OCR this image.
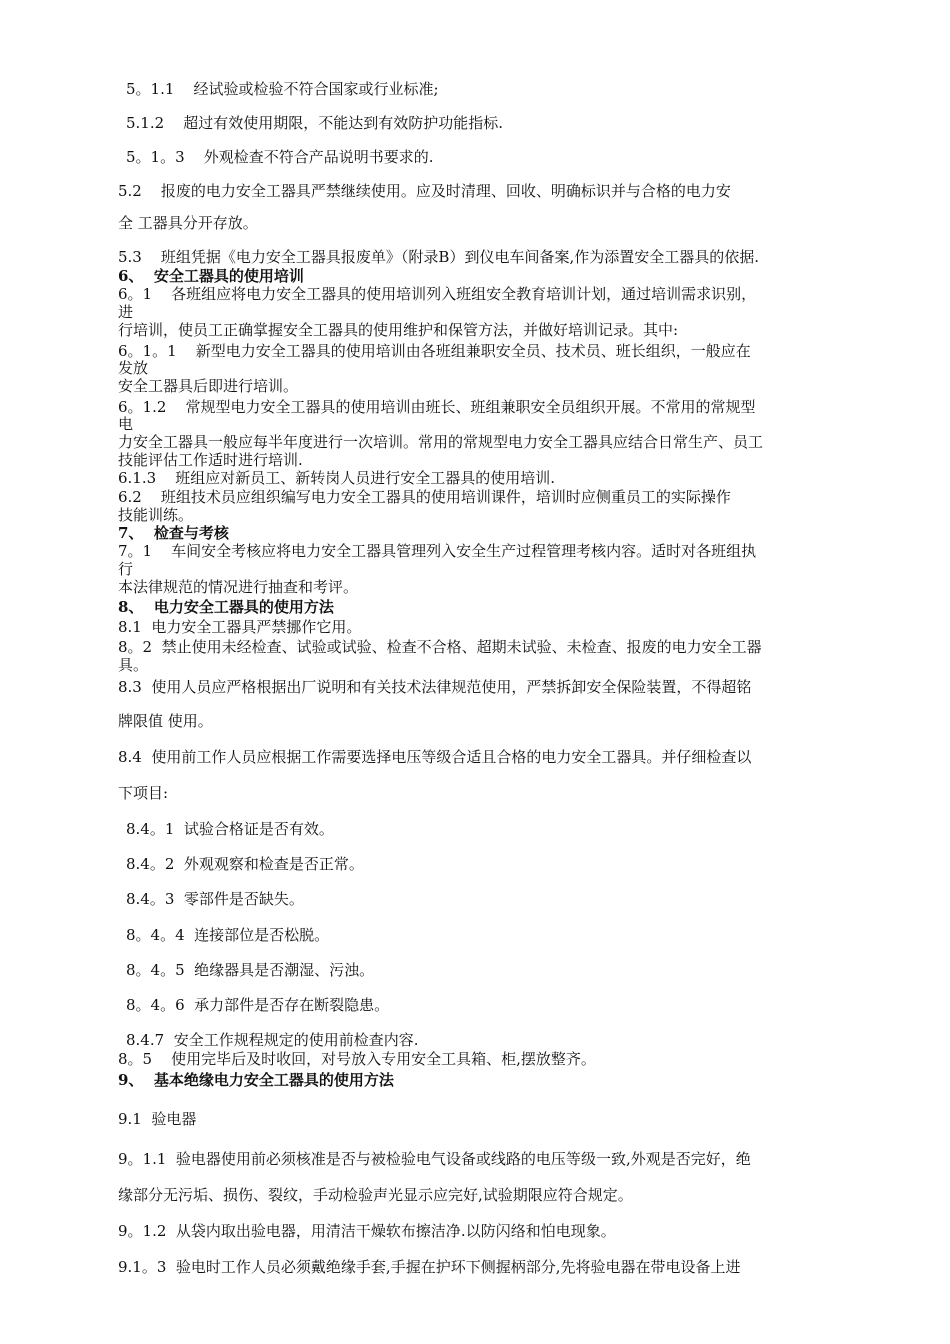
5。1.1    经试验或检验不符合国家或行业标准;
5.1.2    超过有效使用期限，不能达到有效防护功能指标.
5。1。3    外观检查不符合产品说明书要求的.
5.2    报废的电力安全工器具严禁继续使用。应及时清理、回收、明确标识并与合格的电力安
全 工器具分开存放。
5.3    班组凭据《电力安全工器具报废单》（附录B）到仪电车间备案,作为添置安全工器具的依据.
6、  安全工器具的使用培训
6。1    各班组应将电力安全工器具的使用培训列入班组安全教育培训计划，通过培训需求识别，
进
行培训，使员工正确掌握安全工器具的使用维护和保管方法，并做好培训记录。其中:
6。1。1    新型电力安全工器具的使用培训由各班组兼职安全员、技术员、班长组织，一般应在
发放
安全工器具后即进行培训。
6。1.2    常规型电力安全工器具的使用培训由班长、班组兼职安全员组织开展。不常用的常规型
电
力安全工器具一般应每半年度进行一次培训。常用的常规型电力安全工器具应结合日常生产、员工
技能评估工作适时进行培训.
6.1.3    班组应对新员工、新转岗人员进行安全工器具的使用培训.
6.2    班组技术员应组织编写电力安全工器具的使用培训课件，培训时应侧重员工的实际操作
技能训练。
7、  检查与考核
7。1    车间安全考核应将电力安全工器具管理列入安全生产过程管理考核内容。适时对各班组执
行
本法律规范的情况进行抽查和考评。
8、  电力安全工器具的使用方法
8.1  电力安全工器具严禁挪作它用。
8。2  禁止使用未经检查、试验或试验、检查不合格、超期未试验、未检查、报废的电力安全工器
具。
8.3  使用人员应严格根据出厂说明和有关技术法律规范使用，严禁拆卸安全保险装置，不得超铭
牌限值 使用。
8.4  使用前工作人员应根据工作需要选择电压等级合适且合格的电力安全工器具。并仔细检查以
下项目:
8.4。1  试验合格证是否有效。
8.4。2  外观观察和检查是否正常。
8.4。3  零部件是否缺失。
8。4。4  连接部位是否松脱。
8。4。5  绝缘器具是否潮湿、污浊。
8。4。6  承力部件是否存在断裂隐患。
8.4.7  安全工作规程规定的使用前检查内容.
8。5    使用完毕后及时收回，对号放入专用安全工具箱、柜,摆放整齐。
9、  基本绝缘电力安全工器具的使用方法
9.1  验电器
9。1.1  验电器使用前必须核准是否与被检验电气设备或线路的电压等级一致,外观是否完好，绝
缘部分无污垢、损伤、裂纹，手动检验声光显示应完好,试验期限应符合规定。
9。1.2  从袋内取出验电器，用清洁干燥软布擦洁净.以防闪络和怕电现象。
9.1。3  验电时工作人员必须戴绝缘手套,手握在护环下侧握柄部分,先将验电器在带电设备上进
